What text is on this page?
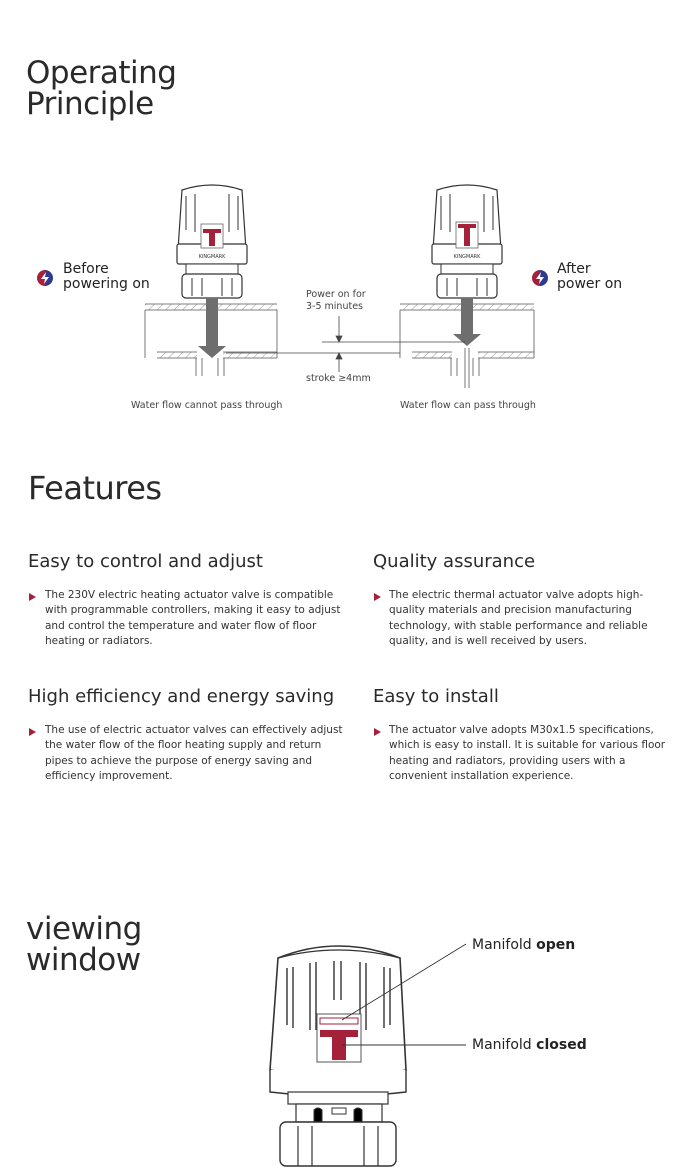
Operating
Principle
Features
viewing
window
KINGMARK	KINGMARK
Before
powering on
After
power on
Power on for
3-5 minutes
stroke ≥4mm
Water flow cannot pass through	Water flow can pass through
Easy to control and adjust
The 230V electric heating actuator valve is compatible with programmable controllers, making it easy to adjust and control the temperature and water flow of floor heating or radiators.
Quality assurance
The electric thermal actuator valve adopts high-quality materials and precision manufacturing technology, with stable performance and reliable quality, and is well received by users.
High efficiency and energy saving
The use of electric actuator valves can effectively adjust the water flow of the floor heating supply and return pipes to achieve the purpose of energy saving and efficiency improvement.
Easy to install
The actuator valve adopts M30x1.5 specifications, which is easy to install. It is suitable for various floor heating and radiators, providing users with a convenient installation experience.
Manifold open
Manifold closed
